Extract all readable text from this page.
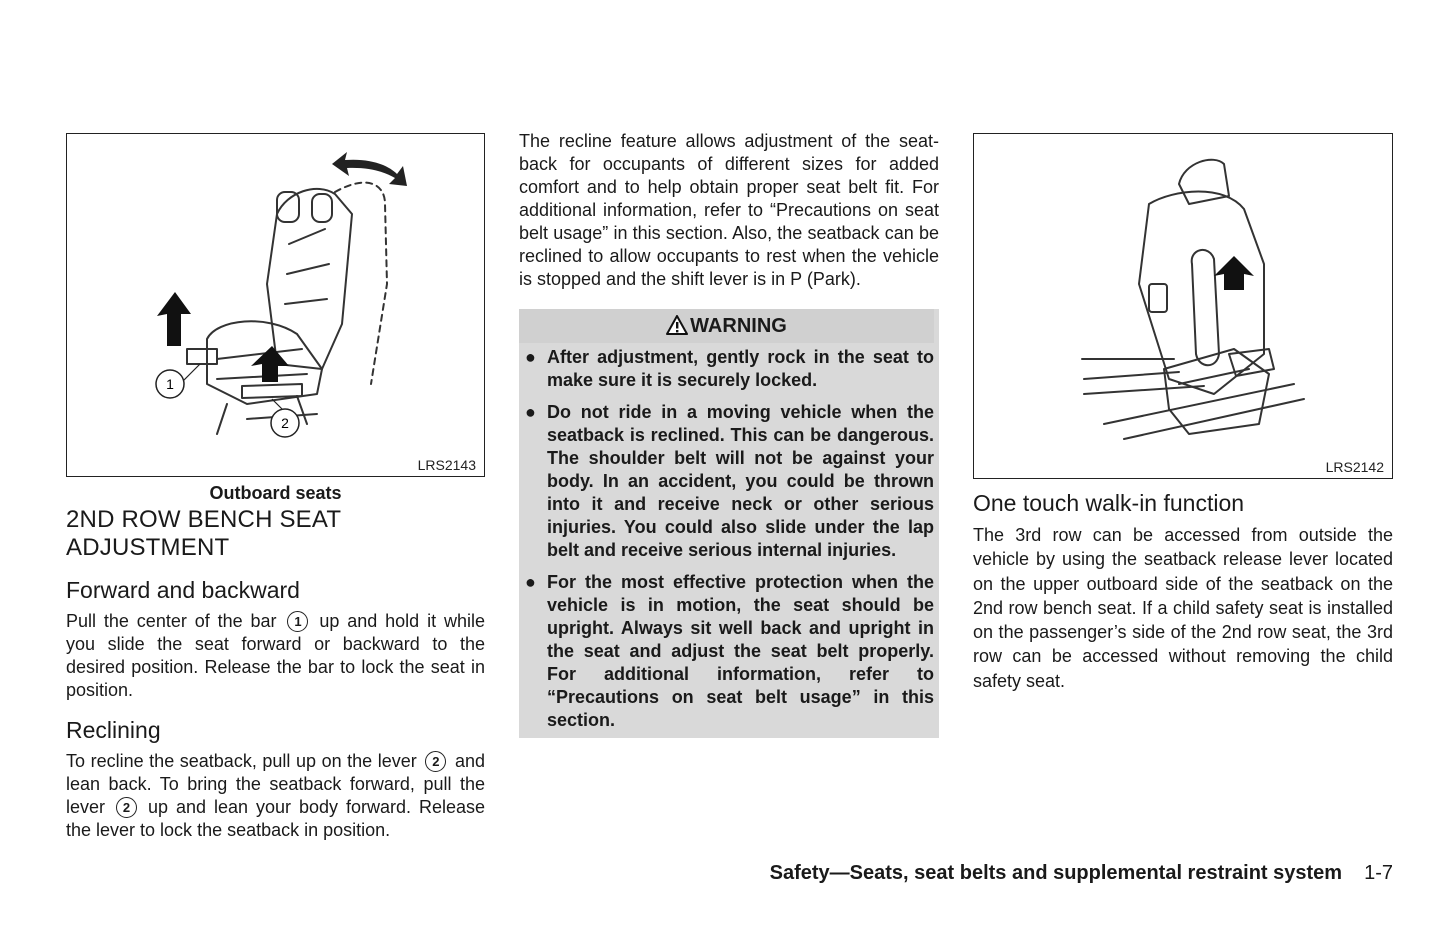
1
2
LRS2143
Outboard seats
2ND ROW BENCH SEAT
ADJUSTMENT
Forward and backward

Pull the center of the bar 1 up and hold it while you slide the seat forward or backward to the desired position. Release the bar to lock the seat in position.

Reclining

To recline the seatback, pull up on the lever 2 and lean back. To bring the seatback forward, pull the lever 2 up and lean your body forward. Release the lever to lock the seatback in position.

The recline feature allows adjustment of the seatback for occupants of different sizes for added comfort and to help obtain proper seat belt fit. For additional information, refer to “Precautions on seat belt usage” in this section. Also, the seatback can be reclined to allow occupants to rest when the vehicle is stopped and the shift lever is in P (Park).

WARNING
● After adjustment, gently rock in the seat to make sure it is securely locked.
● Do not ride in a moving vehicle when the seatback is reclined. This can be dangerous. The shoulder belt will not be against your body. In an accident, you could be thrown into it and receive neck or other serious injuries. You could also slide under the lap belt and receive serious internal injuries.
● For the most effective protection when the vehicle is in motion, the seat should be upright. Always sit well back and upright in the seat and adjust the seat belt properly. For additional information, refer to “Precautions on seat belt usage” in this section.
LRS2142
One touch walk-in function

The 3rd row can be accessed from outside the vehicle by using the seatback release lever located on the upper outboard side of the seatback on the 2nd row bench seat. If a child safety seat is installed on the passenger’s side of the 2nd row seat, the 3rd row can be accessed without removing the child safety seat.

Safety—Seats, seat belts and supplemental restraint system 1-7
